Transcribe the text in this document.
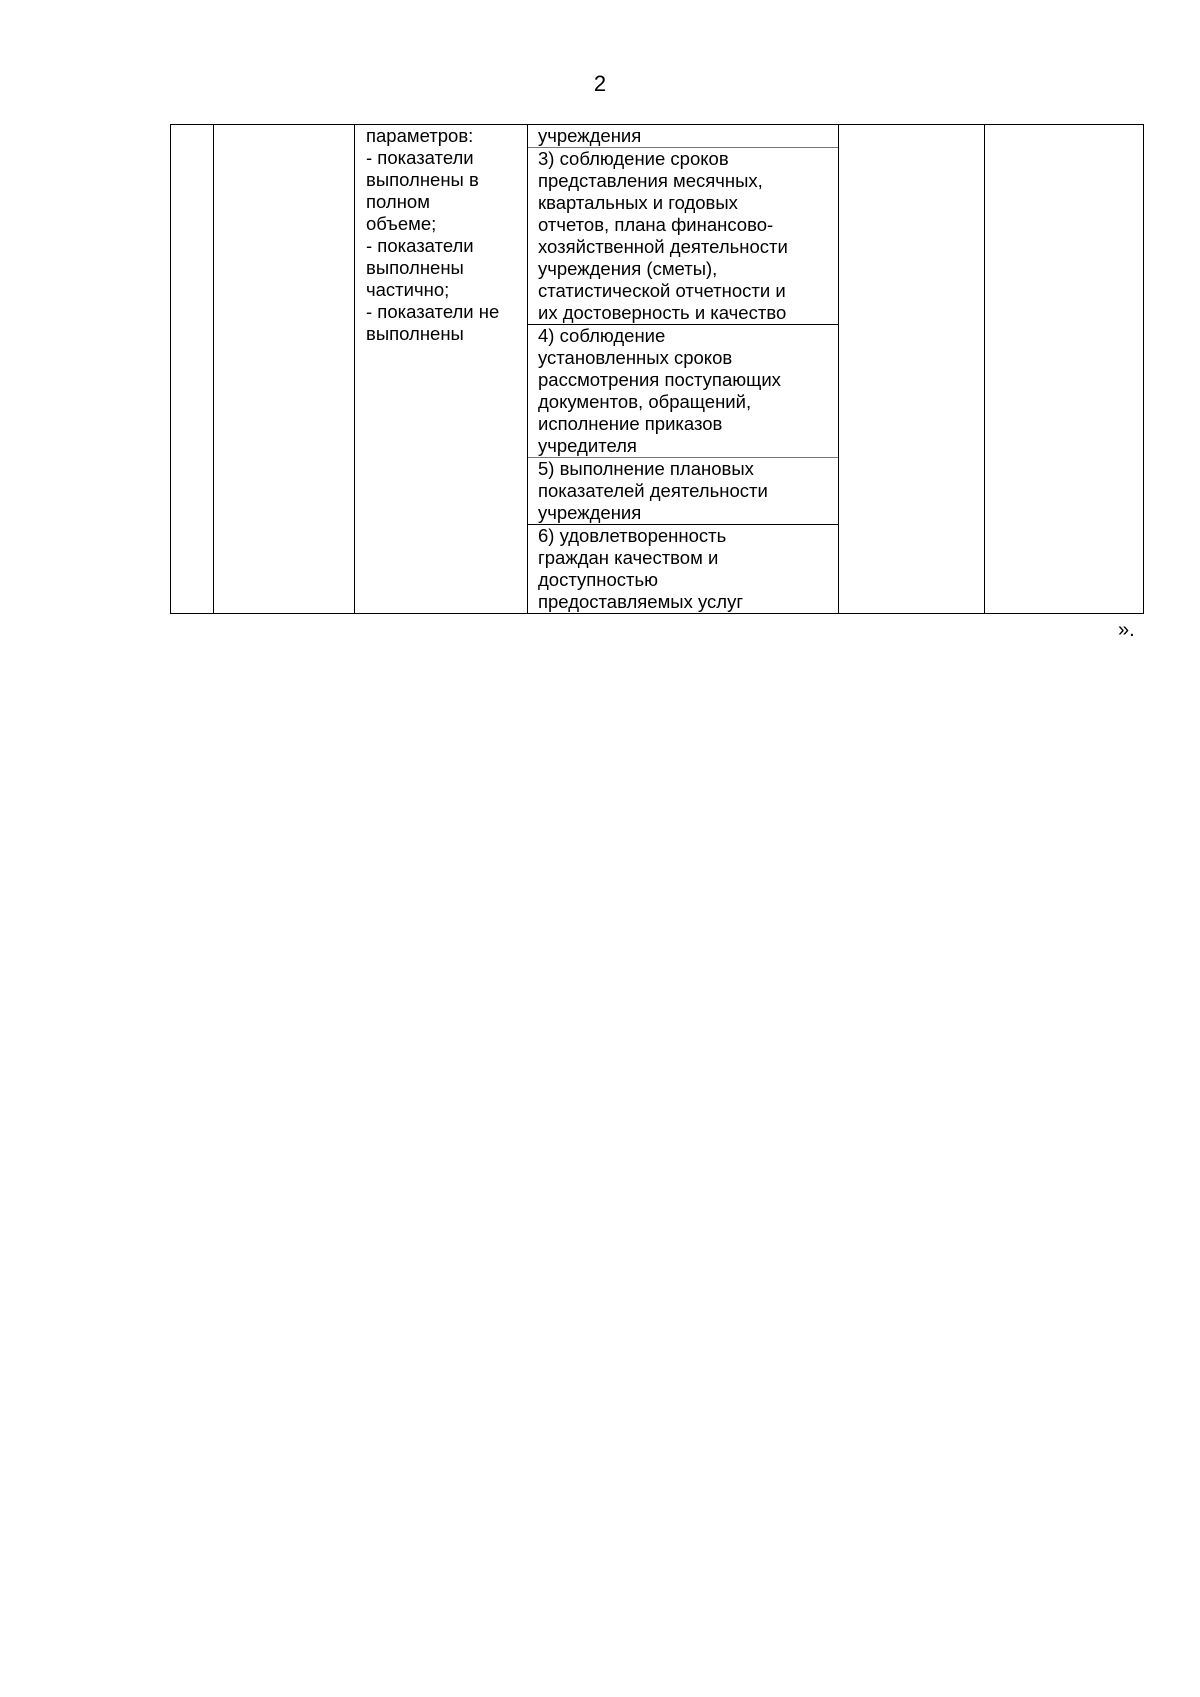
2

параметров:
- показатели
выполнены в
полном
объеме;
- показатели
выполнены
частично;
- показатели не
выполнены

учреждения
3) соблюдение сроков
представления месячных,
квартальных и годовых
отчетов, плана финансово-
хозяйственной деятельности
учреждения (сметы),
статистической отчетности и
их достоверность и качество
4) соблюдение
установленных сроков
рассмотрения поступающих
документов, обращений,
исполнение приказов
учредителя
5) выполнение плановых
показателей деятельности
учреждения
6) удовлетворенность
граждан качеством и
доступностью
предоставляемых услуг

».
